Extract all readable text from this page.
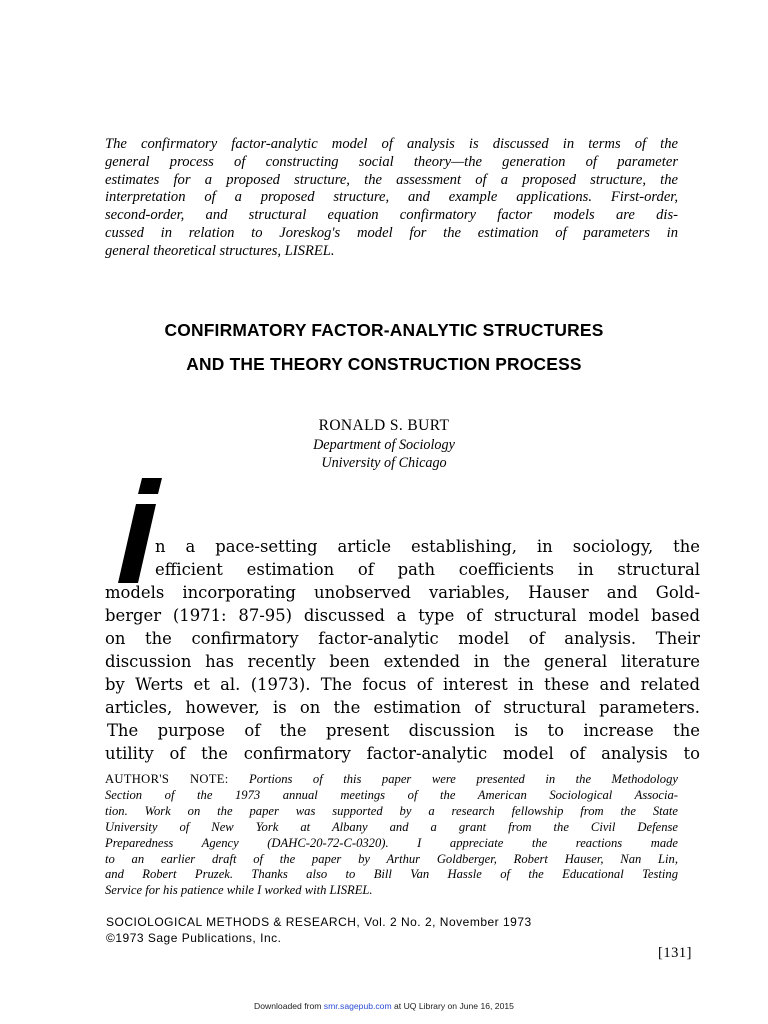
The confirmatory factor-analytic model of analysis is discussed in terms of the
general process of constructing social theory—the generation of parameter
estimates for a proposed structure, the assessment of a proposed structure, the
interpretation of a proposed structure, and example applications. First-order,
second-order, and structural equation confirmatory factor models are dis-
cussed in relation to Joreskog's model for the estimation of parameters in
general theoretical structures, LISREL.
CONFIRMATORY FACTOR-ANALYTIC STRUCTURES
AND THE THEORY CONSTRUCTION PROCESS
RONALD S. BURT
Department of Sociology
University of Chicago
n a pace-setting article establishing, in sociology, the
efficient estimation of path coefficients in structural
models incorporating unobserved variables, Hauser and Gold-
berger (1971: 87-95) discussed a type of structural model based
on the confirmatory factor-analytic model of analysis. Their
discussion has recently been extended in the general literature
by Werts et al. (1973). The focus of interest in these and related
articles, however, is on the estimation of structural parameters.
The purpose of the present discussion is to increase the
utility of the confirmatory factor-analytic model of analysis to
AUTHOR'S NOTE: Portions of this paper were presented in the Methodology
Section of the 1973 annual meetings of the American Sociological Associa-
tion. Work on the paper was supported by a research fellowship from the State
University of New York at Albany and a grant from the Civil Defense
Preparedness Agency (DAHC-20-72-C-0320). I appreciate the reactions made
to an earlier draft of the paper by Arthur Goldberger, Robert Hauser, Nan Lin,
and Robert Pruzek. Thanks also to Bill Van Hassle of the Educational Testing
Service for his patience while I worked with LISREL.
SOCIOLOGICAL METHODS & RESEARCH, Vol. 2 No. 2, November 1973
©1973 Sage Publications, Inc.
[131]
Downloaded from smr.sagepub.com at UQ Library on June 16, 2015
